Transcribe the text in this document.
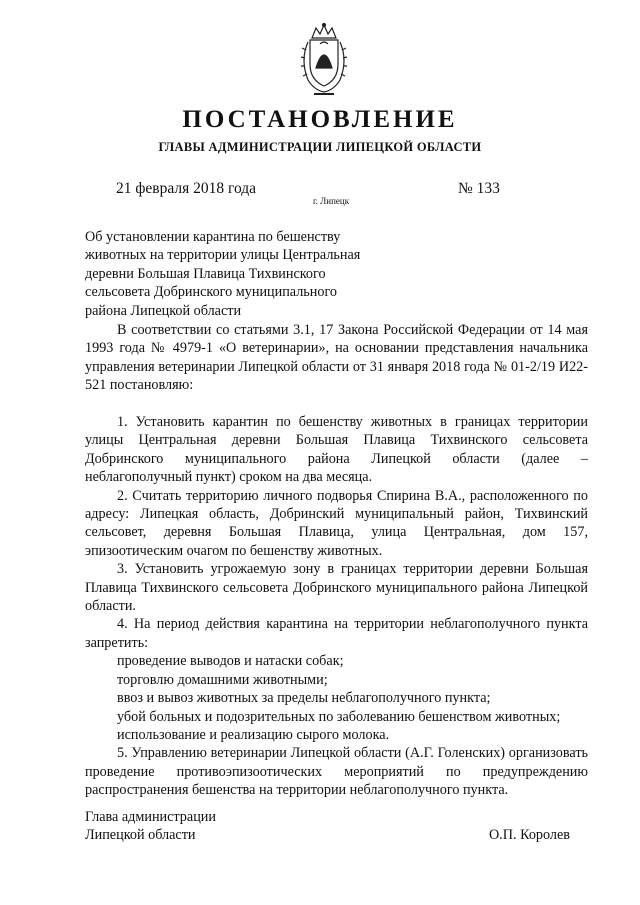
ПОСТАНОВЛЕНИЕ
ГЛАВЫ АДМИНИСТРАЦИИ ЛИПЕЦКОЙ ОБЛАСТИ
21 февраля 2018 года
г. Липецк
№ 133
Об установлении карантина по бешенству
животных на территории улицы Центральная
деревни Большая Плавица Тихвинского
сельсовета Добринского муниципального
района Липецкой области

В соответствии со статьями 3.1, 17 Закона Российской Федерации от 14 мая 1993 года № 4979-1 «О ветеринарии», на основании представления начальника управления ветеринарии Липецкой области от 31 января 2018 года № 01-2/19 И22-521 постановляю:

1. Установить карантин по бешенству животных в границах территории улицы Центральная деревни Большая Плавица Тихвинского сельсовета Добринского муниципального района Липецкой области (далее – неблагополучный пункт) сроком на два месяца.

2. Считать территорию личного подворья Спирина В.А., расположенного по адресу: Липецкая область, Добринский муниципальный район, Тихвинский сельсовет, деревня Большая Плавица, улица Центральная, дом 157, эпизоотическим очагом по бешенству животных.

3. Установить угрожаемую зону в границах территории деревни Большая Плавица Тихвинского сельсовета Добринского муниципального района Липецкой области.

4. На период действия карантина на территории неблагополучного пункта запретить:

проведение выводов и натаски собак;

торговлю домашними животными;

ввоз и вывоз животных за пределы неблагополучного пункта;

убой больных и подозрительных по заболеванию бешенством животных;

использование и реализацию сырого молока.

5. Управлению ветеринарии Липецкой области (А.Г. Голенских) организовать проведение противоэпизоотических мероприятий по предупреждению распространения бешенства на территории неблагополучного пункта.

Глава администрации
Липецкой области	О.П. Королев
